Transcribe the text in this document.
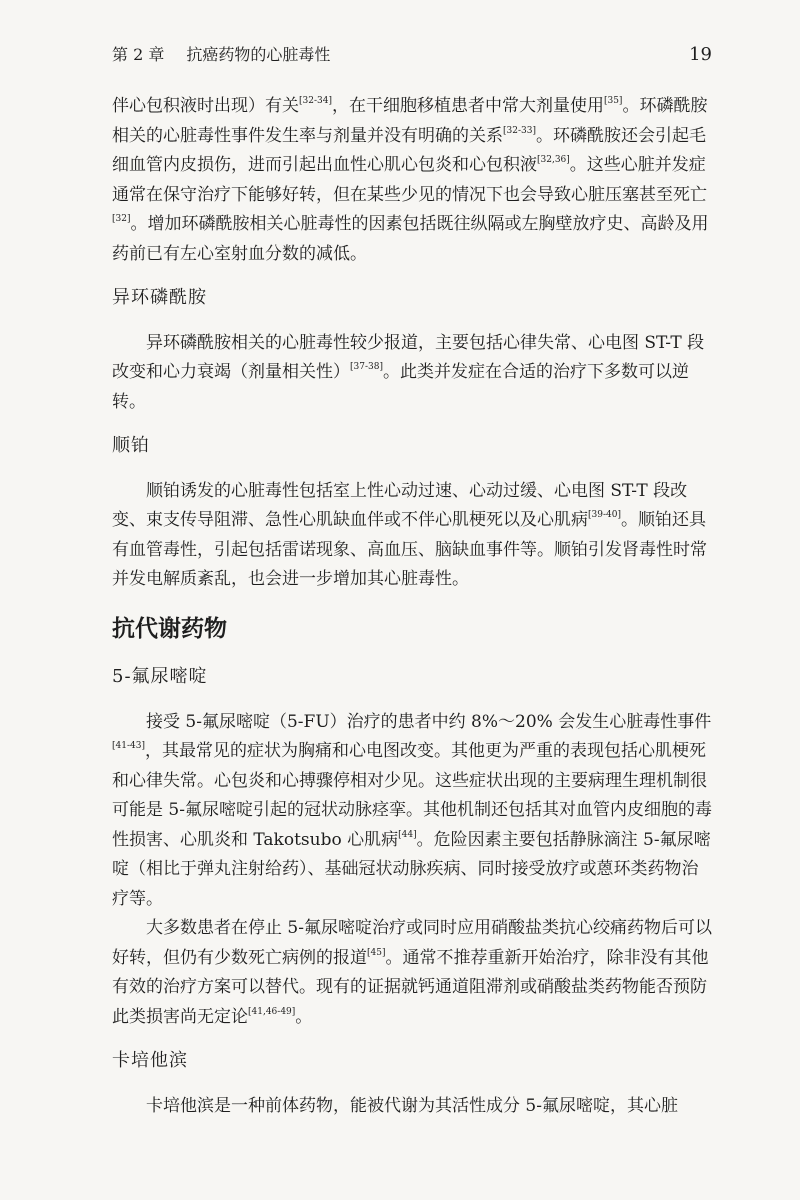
第 2 章 抗癌药物的心脏毒性	19

伴心包积液时出现）有关[32-34]，在干细胞移植患者中常大剂量使用[35]。环磷酰胺相关的心脏毒性事件发生率与剂量并没有明确的关系[32-33]。环磷酰胺还会引起毛细血管内皮损伤，进而引起出血性心肌心包炎和心包积液[32,36]。这些心脏并发症通常在保守治疗下能够好转，但在某些少见的情况下也会导致心脏压塞甚至死亡[32]。增加环磷酰胺相关心脏毒性的因素包括既往纵隔或左胸壁放疗史、高龄及用药前已有左心室射血分数的减低。

异环磷酰胺

异环磷酰胺相关的心脏毒性较少报道，主要包括心律失常、心电图 ST-T 段改变和心力衰竭（剂量相关性）[37-38]。此类并发症在合适的治疗下多数可以逆转。

顺铂

顺铂诱发的心脏毒性包括室上性心动过速、心动过缓、心电图 ST-T 段改变、束支传导阻滞、急性心肌缺血伴或不伴心肌梗死以及心肌病[39-40]。顺铂还具有血管毒性，引起包括雷诺现象、高血压、脑缺血事件等。顺铂引发肾毒性时常并发电解质紊乱，也会进一步增加其心脏毒性。

抗代谢药物
5-氟尿嘧啶

接受 5-氟尿嘧啶（5-FU）治疗的患者中约 8%～20% 会发生心脏毒性事件[41-43]，其最常见的症状为胸痛和心电图改变。其他更为严重的表现包括心肌梗死和心律失常。心包炎和心搏骤停相对少见。这些症状出现的主要病理生理机制很可能是 5-氟尿嘧啶引起的冠状动脉痉挛。其他机制还包括其对血管内皮细胞的毒性损害、心肌炎和 Takotsubo 心肌病[44]。危险因素主要包括静脉滴注 5-氟尿嘧啶（相比于弹丸注射给药）、基础冠状动脉疾病、同时接受放疗或蒽环类药物治疗等。

大多数患者在停止 5-氟尿嘧啶治疗或同时应用硝酸盐类抗心绞痛药物后可以好转，但仍有少数死亡病例的报道[45]。通常不推荐重新开始治疗，除非没有其他有效的治疗方案可以替代。现有的证据就钙通道阻滞剂或硝酸盐类药物能否预防此类损害尚无定论[41,46-49]。

卡培他滨

卡培他滨是一种前体药物，能被代谢为其活性成分 5-氟尿嘧啶，其心脏
